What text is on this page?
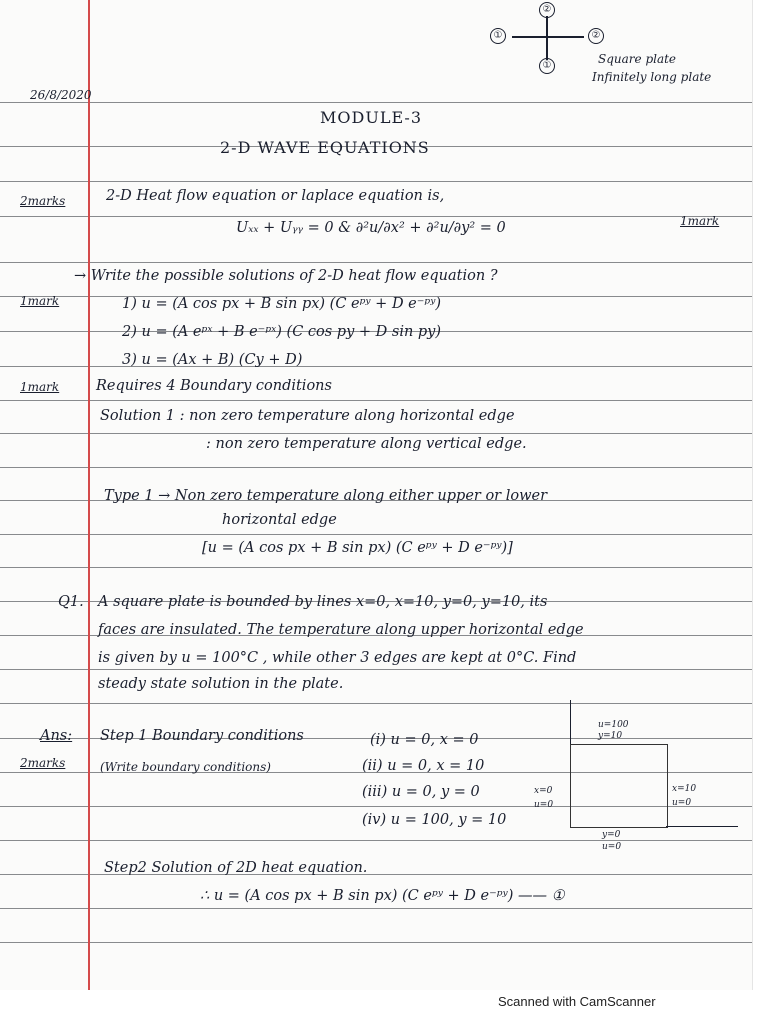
①	②
①
②
Square plate
Infinitely long plate
26/8/2020
MODULE-3
2-D WAVE EQUATIONS
2marks	2-D Heat flow equation or laplace equation is,
Uₓₓ + Uᵧᵧ = 0 & ∂²u/∂x² + ∂²u/∂y² = 0	1mark
→ Write the possible solutions of 2-D heat flow equation ?
1mark	1) u = (A cos px + B sin px) (C eᵖʸ + D e⁻ᵖʸ)
2) u = (A eᵖˣ + B e⁻ᵖˣ) (C cos py + D sin py)
3) u = (Ax + B) (Cy + D)
1mark	Requires 4 Boundary conditions
Solution 1 : non zero temperature along horizontal edge
: non zero temperature along vertical edge.
Type 1 → Non zero temperature along either upper or lower
horizontal edge
[u = (A cos px + B sin px) (C eᵖʸ + D e⁻ᵖʸ)]
Q1. A square plate is bounded by lines x=0, x=10, y=0, y=10, its
faces are insulated. The temperature along upper horizontal edge
is given by u = 100°C , while other 3 edges are kept at 0°C. Find
steady state solution in the plate.
Ans:
2marks
Step 1 Boundary conditions
(Write boundary conditions)
(i) u = 0, x = 0
(ii) u = 0, x = 10
(iii) u = 0, y = 0
(iv) u = 100, y = 10
u=100
y=10
x=0
u=0
x=10
u=0
y=0
u=0
Step2 Solution of 2D heat equation.
∴ u = (A cos px + B sin px) (C eᵖʸ + D e⁻ᵖʸ) —— ①
Scanned with CamScanner
